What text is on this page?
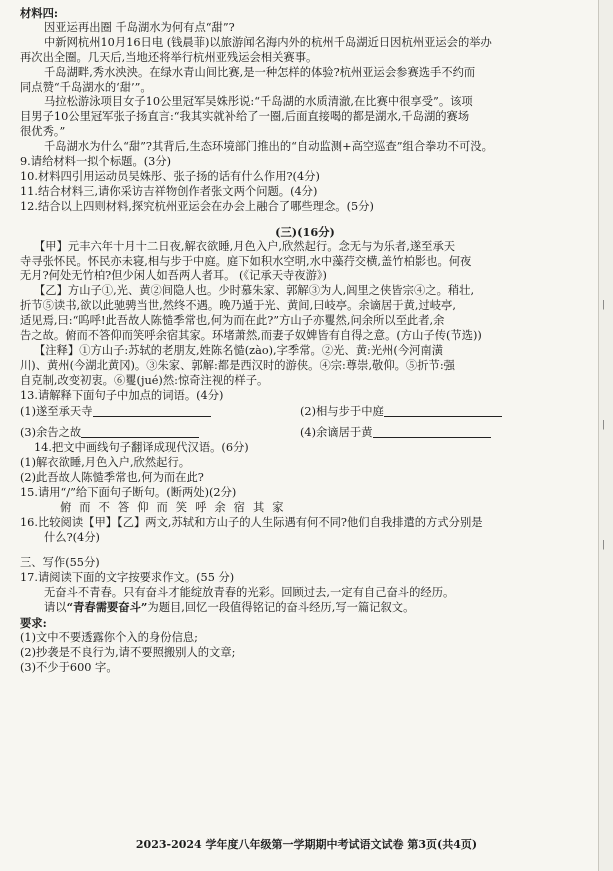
材料四:
因亚运再出圈 千岛湖水为何有点“甜”?
中新网杭州10月16日电 (钱晨菲)以旅游闻名海内外的杭州千岛湖近日因杭州亚运会的举办
再次出全圈。几天后,当地还将举行杭州亚残运会相关赛事。
千岛湖畔,秀水泱泱。在绿水青山间比赛,是一种怎样的体验?杭州亚运会参赛选手不约而
同点赞“千岛湖水的‘甜’”。
马拉松游泳项目女子10公里冠军吴姝彤说:“千岛湖的水质清澈,在比赛中很享受”。该项
目男子10公里冠军张子扬直言:“我其实就补给了一圈,后面直接喝的都是湖水,千岛湖的赛场
很优秀。”
千岛湖水为什么“甜”?其背后,生态环境部门推出的“自动监测+高空巡查”组合拳功不可没。
9.请给材料一拟个标题。(3分)
10.材料四引用运动员吴姝彤、张子扬的话有什么作用?(4分)
11.结合材料三,请你采访吉祥物创作者张文两个问题。(4分)
12.结合以上四则材料,探究杭州亚运会在办会上融合了哪些理念。(5分)
(三)(16分)
【甲】元丰六年十月十二日夜,解衣欲睡,月色入户,欣然起行。念无与为乐者,遂至承天
寺寻张怀民。怀民亦未寝,相与步于中庭。庭下如积水空明,水中藻荇交横,盖竹柏影也。何夜
无月?何处无竹柏?但少闲人如吾两人者耳。 (《记承天寺夜游》)
【乙】方山子①,光、黄②间隐人也。少时慕朱家、郭解③为人,闾里之侠皆宗④之。稍壮,
折节⑤读书,欲以此驰骋当世,然终不遇。晚乃遁于光、黄间,曰岐亭。余谪居于黄,过岐亭,
适见焉,曰:“呜呼!此吾故人陈慥季常也,何为而在此?”方山子亦矍然,问余所以至此者,余
告之故。俯而不答仰而笑呼余宿其家。环堵萧然,而妻子奴婢皆有自得之意。(方山子传(节选))
【注释】①方山子:苏轼的老朋友,姓陈名慥(zào),字季常。②光、黄:光州(今河南潢
川)、黄州(今湖北黄冈)。③朱家、郭解:都是西汉时的游侠。④宗:尊崇,敬仰。⑤折节:强
自克制,改变初衷。⑥矍(jué)然:惊奇注视的样子。
13.请解释下面句子中加点的词语。(4分)
(1)遂至承天寺	(2)相与步于中庭
(3)余告之故	(4)余谪居于黄
14.把文中画线句子翻译成现代汉语。(6分)
(1)解衣欲睡,月色入户,欣然起行。
(2)此吾故人陈慥季常也,何为而在此?
15.请用“/”给下面句子断句。(断两处)(2分)
俯而不答仰而笑呼余宿其家
16.比较阅读【甲】【乙】两文,苏轼和方山子的人生际遇有何不同?他们自我排遣的方式分别是
什么?(4分)
三、写作(55分)
17.请阅读下面的文字按要求作文。(55 分)
无奋斗不青春。只有奋斗才能绽放青春的光彩。回顾过去,一定有自己奋斗的经历。
请以“青春需要奋斗”为题目,回忆一段值得铭记的奋斗经历,写一篇记叙文。
要求:
(1)文中不要透露你个入的身份信息;
(2)抄袭是不良行为,请不要照搬别人的文章;
(3)不少于600 字。
|
|
|
2023-2024 学年度八年级第一学期期中考试语文试卷 第3页(共4页)
